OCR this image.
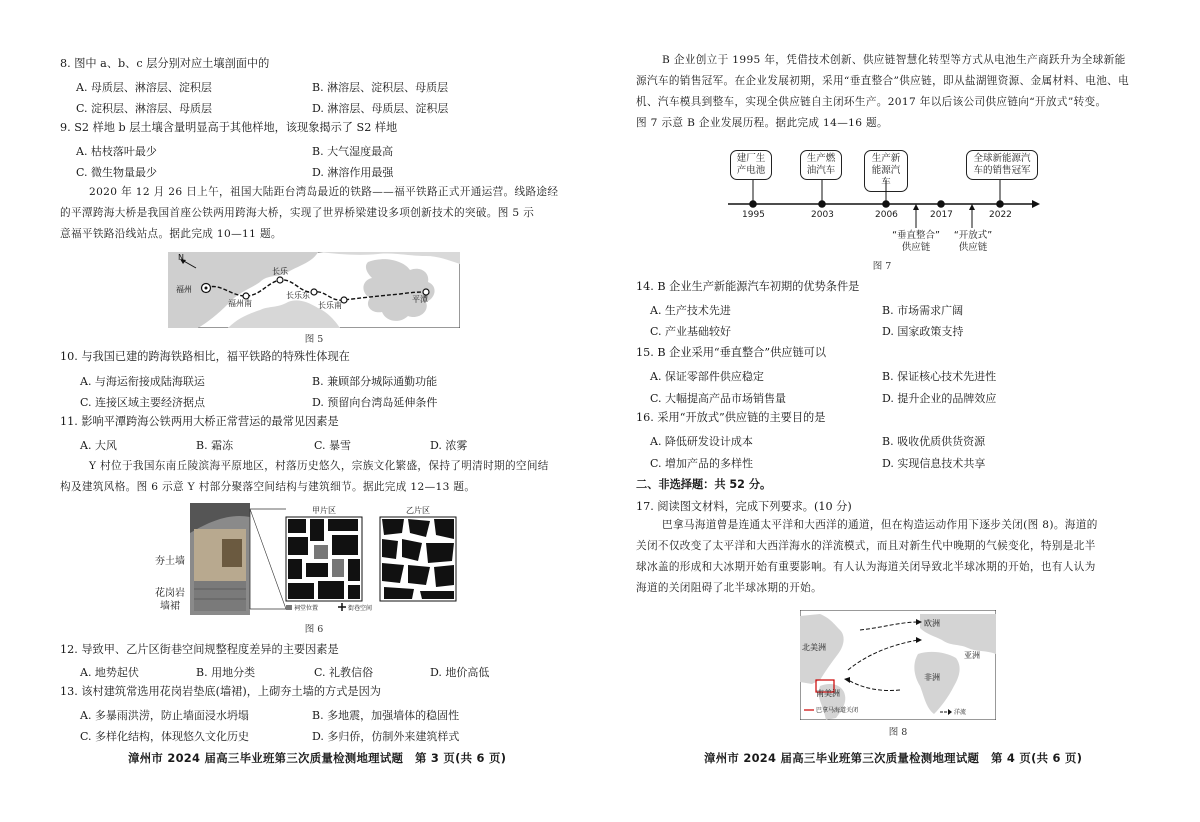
8. 图中 a、b、c 层分别对应土壤剖面中的
A. 母质层、淋溶层、淀积层	B. 淋溶层、淀积层、母质层
C. 淀积层、淋溶层、母质层	D. 淋溶层、母质层、淀积层
9. S2 样地 b 层土壤含量明显高于其他样地，该现象揭示了 S2 样地
A. 枯枝落叶最少	B. 大气湿度最高
C. 微生物量最少	D. 淋溶作用最强
2020 年 12 月 26 日上午，祖国大陆距台湾岛最近的铁路——福平铁路正式开通运营。线路途经
的平潭跨海大桥是我国首座公铁两用跨海大桥，实现了世界桥梁建设多项创新技术的突破。图 5 示
意福平铁路沿线站点。据此完成 10—11 题。
N
福州
福州南
长乐
长乐东
长乐南
平潭
图 5
10. 与我国已建的跨海铁路相比，福平铁路的特殊性体现在
A. 与海运衔接成陆海联运	B. 兼顾部分城际通勤功能
C. 连接区域主要经济据点	D. 预留向台湾岛延伸条件
11. 影响平潭跨海公铁两用大桥正常营运的最常见因素是
A. 大风	B. 霜冻	C. 暴雪	D. 浓雾
Y 村位于我国东南丘陵滨海平原地区，村落历史悠久，宗族文化繁盛，保持了明清时期的空间结
构及建筑风格。图 6 示意 Y 村部分聚落空间结构与建筑细节。据此完成 12—13 题。
祠堂位置	街巷空间
甲片区	乙片区
夯土墙
花岗岩
墙裙
图 6
12. 导致甲、乙片区街巷空间规整程度差异的主要因素是
A. 地势起伏	B. 用地分类	C. 礼教信俗	D. 地价高低
13. 该村建筑常选用花岗岩垫底(墙裙)，上砌夯土墙的方式是因为
A. 多暴雨洪涝，防止墙面浸水坍塌	B. 多地震，加强墙体的稳固性
C. 多样化结构，体现悠久文化历史	D. 多归侨，仿制外来建筑样式
漳州市 2024 届高三毕业班第三次质量检测地理试题　第 3 页(共 6 页)
B 企业创立于 1995 年，凭借技术创新、供应链智慧化转型等方式从电池生产商跃升为全球新能
源汽车的销售冠军。在企业发展初期，采用“垂直整合”供应链，即从盐湖锂资源、金属材料、电池、电
机、汽车模具到整车，实现全供应链自主闭环生产。2017 年以后该公司供应链向“开放式”转变。
图 7 示意 B 企业发展历程。据此完成 14—16 题。
建厂生产电池
生产燃油汽车
生产新能源汽车
全球新能源汽车的销售冠军
1995	2003	2006	2017	2022
“垂直整合”
供应链
“开放式”
供应链
图 7
14. B 企业生产新能源汽车初期的优势条件是
A. 生产技术先进	B. 市场需求广阔
C. 产业基础较好	D. 国家政策支持
15. B 企业采用“垂直整合”供应链可以
A. 保证零部件供应稳定	B. 保证核心技术先进性
C. 大幅提高产品市场销售量	D. 提升企业的品牌效应
16. 采用“开放式”供应链的主要目的是
A. 降低研发设计成本	B. 吸收优质供货资源
C. 增加产品的多样性	D. 实现信息技术共享
二、非选择题：共 52 分。
17. 阅读图文材料，完成下列要求。(10 分)
巴拿马海道曾是连通太平洋和大西洋的通道，但在构造运动作用下逐步关闭(图 8)。海道的
关闭不仅改变了太平洋和大西洋海水的洋流模式，而且对新生代中晚期的气候变化，特别是北半
球冰盖的形成和大冰期开始有重要影响。有人认为海道关闭导致北半球冰期的开始，也有人认为
海道的关闭阻碍了北半球冰期的开始。
欧洲
北美洲
亚洲
非洲
南美洲
巴拿马海道关闭	洋流
图 8
漳州市 2024 届高三毕业班第三次质量检测地理试题　第 4 页(共 6 页)
